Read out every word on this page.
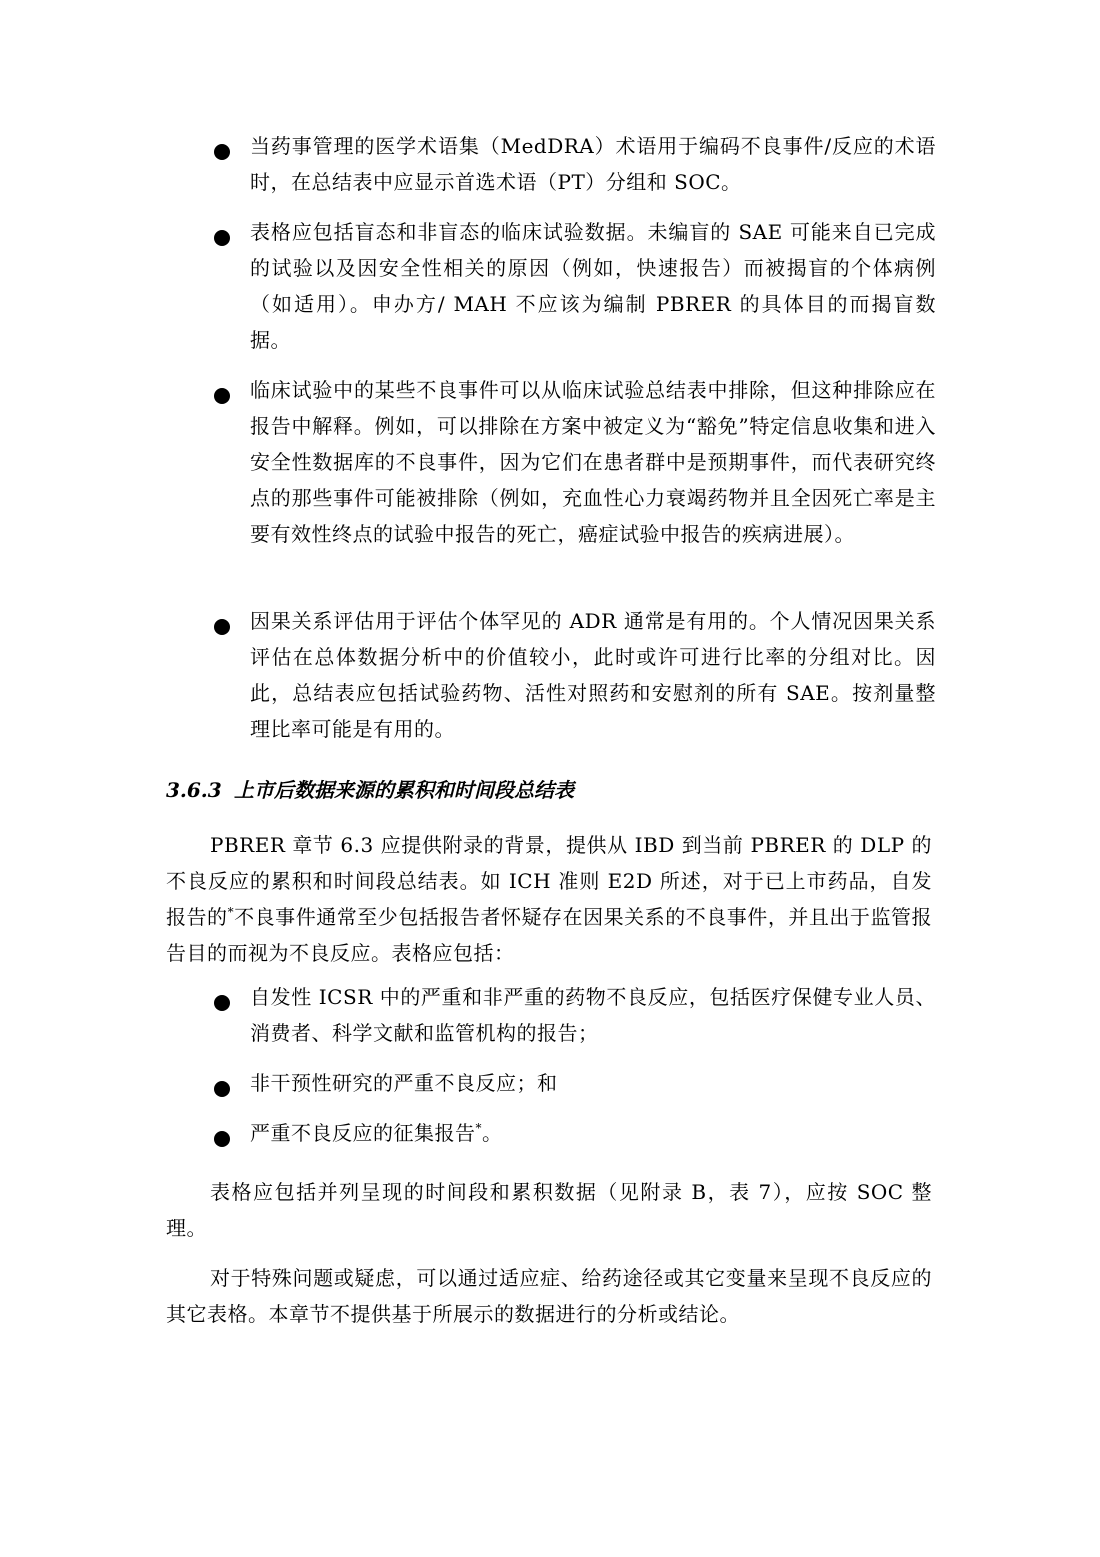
当药事管理的医学术语集（MedDRA）术语用于编码不良事件/反应的术语时，在总结表中应显示首选术语（PT）分组和 SOC。
表格应包括盲态和非盲态的临床试验数据。未编盲的 SAE 可能来自已完成的试验以及因安全性相关的原因（例如，快速报告）而被揭盲的个体病例（如适用）。申办方/ MAH 不应该为编制 PBRER 的具体目的而揭盲数据。
临床试验中的某些不良事件可以从临床试验总结表中排除，但这种排除应在报告中解释。例如，可以排除在方案中被定义为“豁免”特定信息收集和进入安全性数据库的不良事件，因为它们在患者群中是预期事件，而代表研究终点的那些事件可能被排除（例如，充血性心力衰竭药物并且全因死亡率是主要有效性终点的试验中报告的死亡，癌症试验中报告的疾病进展）。
因果关系评估用于评估个体罕见的 ADR 通常是有用的。个人情况因果关系评估在总体数据分析中的价值较小，此时或许可进行比率的分组对比。因此，总结表应包括试验药物、活性对照药和安慰剂的所有 SAE。按剂量整理比率可能是有用的。
3.6.3 上市后数据来源的累积和时间段总结表
PBRER 章节 6.3 应提供附录的背景，提供从 IBD 到当前 PBRER 的 DLP 的不良反应的累积和时间段总结表。如 ICH 准则 E2D 所述，对于已上市药品，自发报告的*不良事件通常至少包括报告者怀疑存在因果关系的不良事件，并且出于监管报告目的而视为不良反应。表格应包括：
自发性 ICSR 中的严重和非严重的药物不良反应，包括医疗保健专业人员、消费者、科学文献和监管机构的报告；
非干预性研究的严重不良反应；和
严重不良反应的征集报告*。
表格应包括并列呈现的时间段和累积数据（见附录 B，表 7），应按 SOC 整理。
对于特殊问题或疑虑，可以通过适应症、给药途径或其它变量来呈现不良反应的其它表格。本章节不提供基于所展示的数据进行的分析或结论。
